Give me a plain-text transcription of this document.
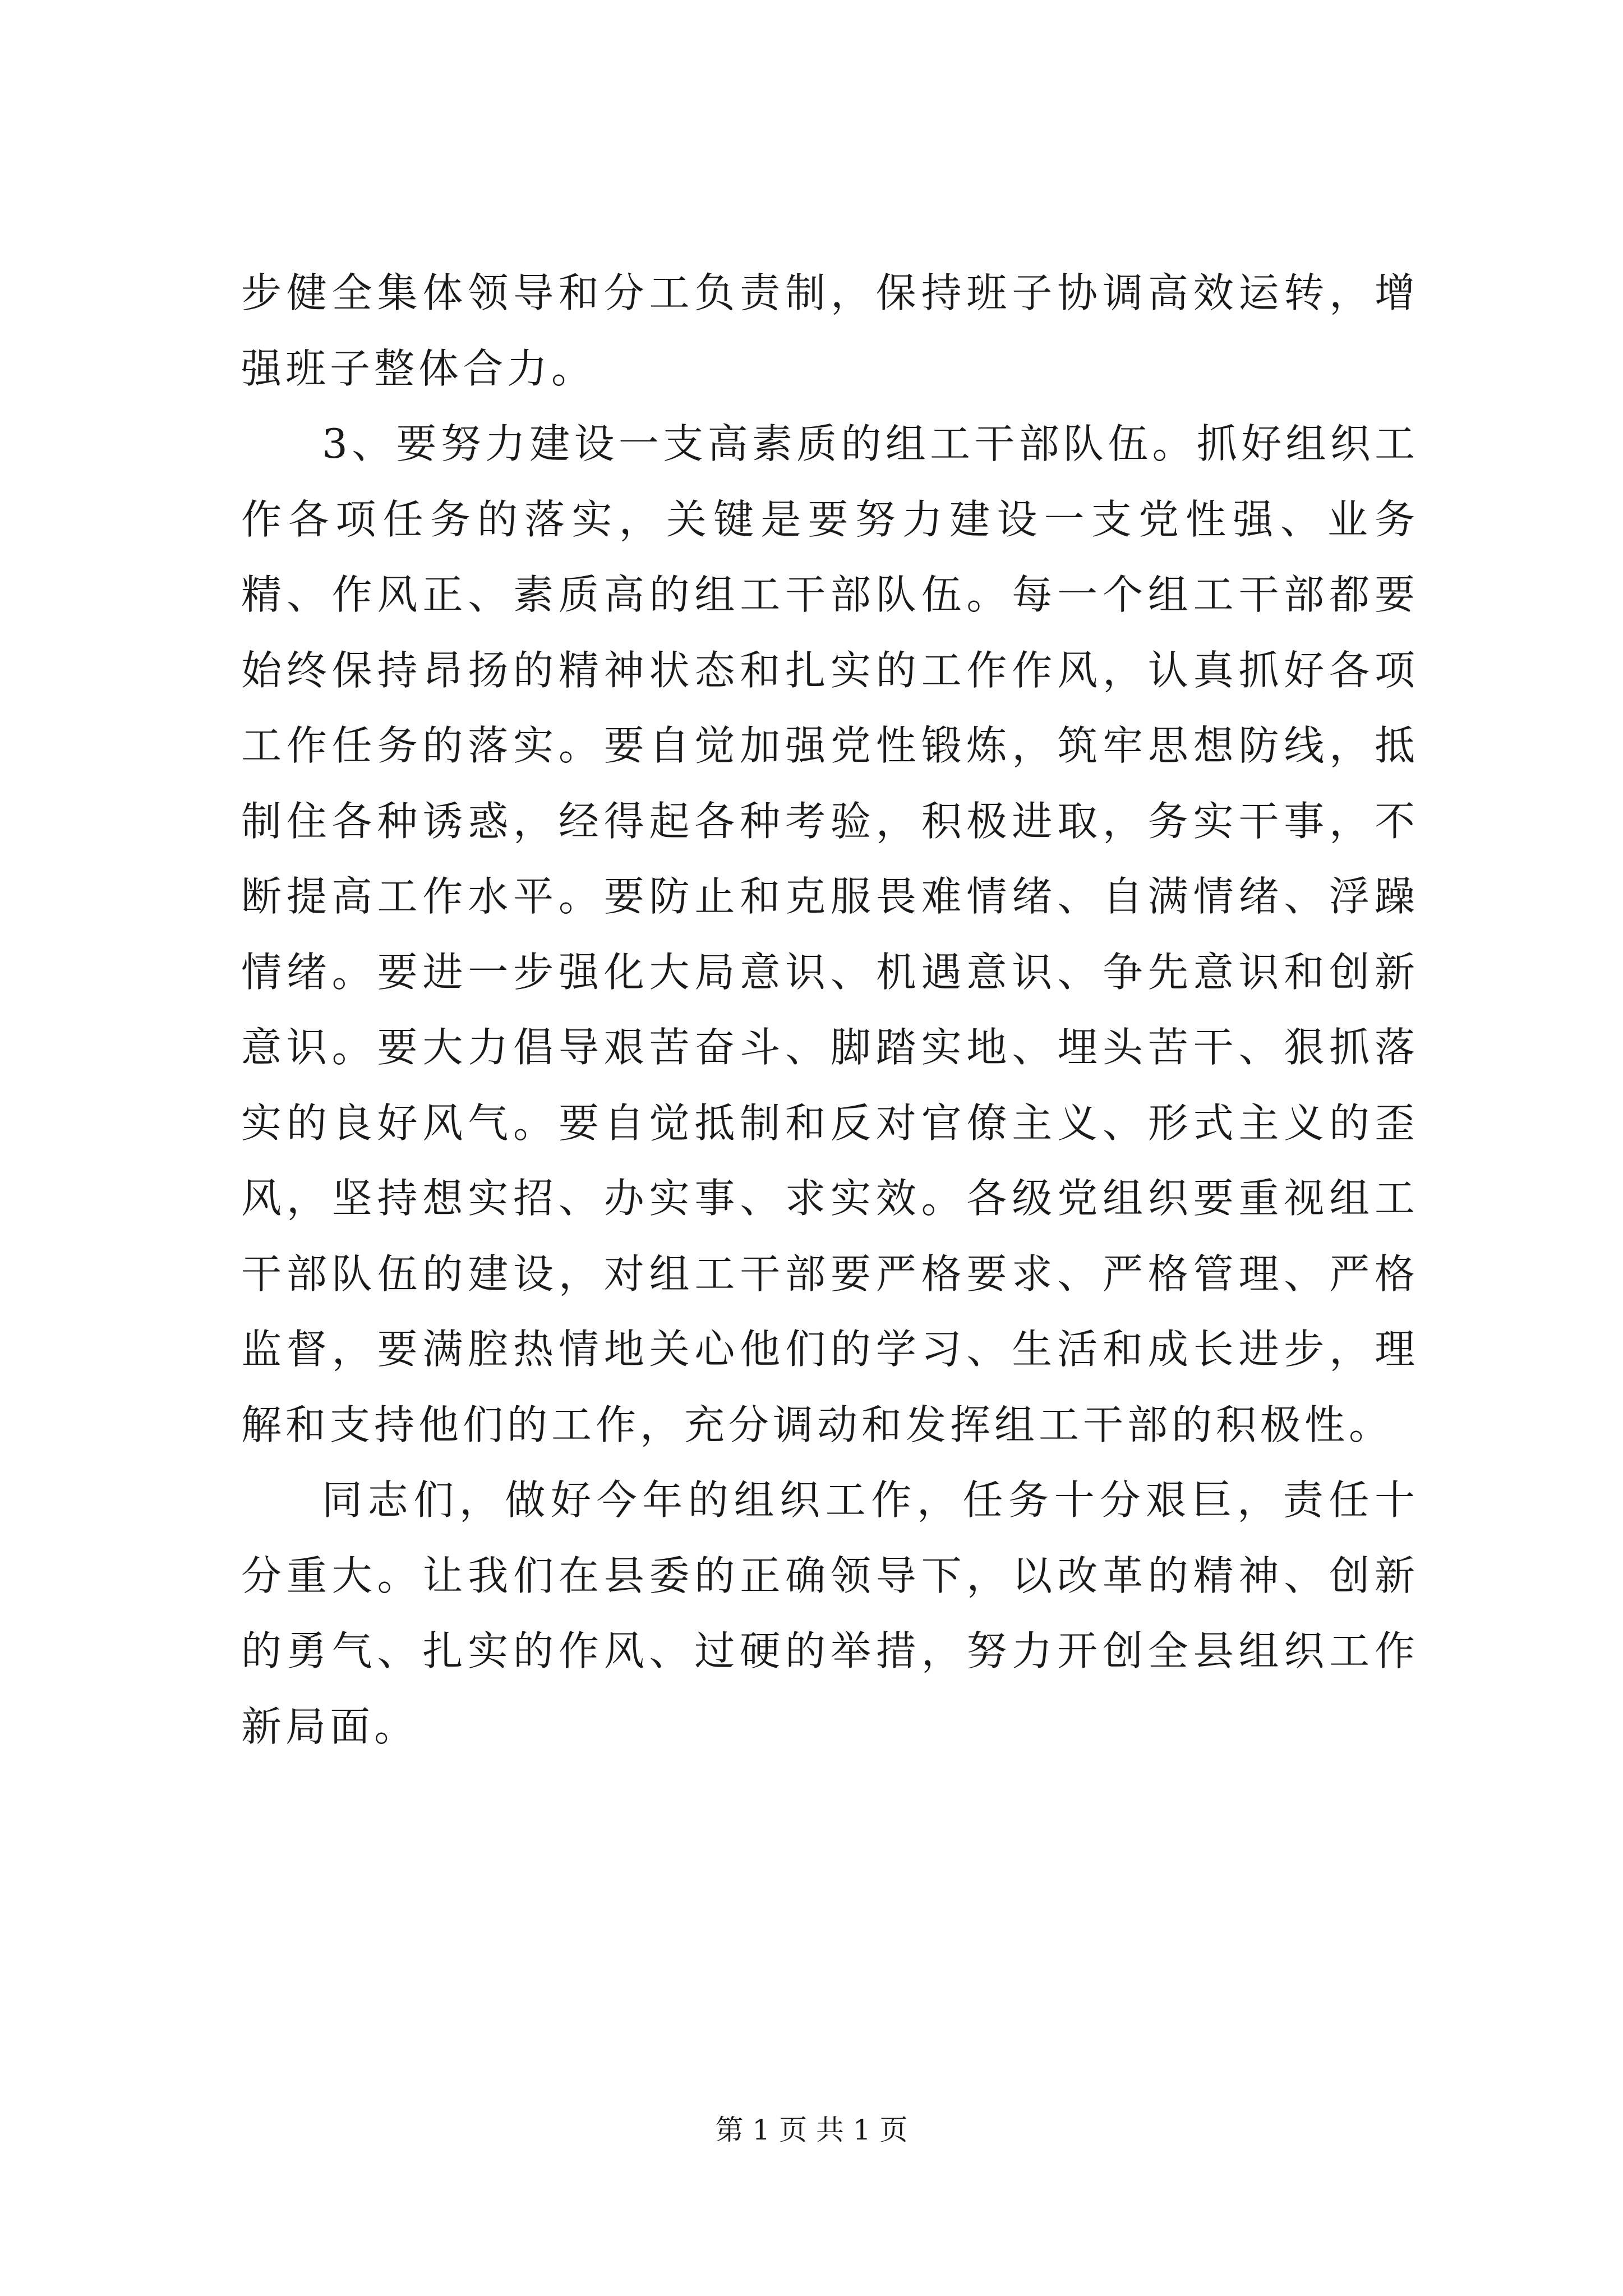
步健全集体领导和分工负责制，保持班子协调高效运转，增强班子整体合力。

3、要努力建设一支高素质的组工干部队伍。抓好组织工作各项任务的落实，关键是要努力建设一支党性强、业务精、作风正、素质高的组工干部队伍。每一个组工干部都要始终保持昂扬的精神状态和扎实的工作作风，认真抓好各项工作任务的落实。要自觉加强党性锻炼，筑牢思想防线，抵制住各种诱惑，经得起各种考验，积极进取，务实干事，不断提高工作水平。要防止和克服畏难情绪、自满情绪、浮躁情绪。要进一步强化大局意识、机遇意识、争先意识和创新意识。要大力倡导艰苦奋斗、脚踏实地、埋头苦干、狠抓落实的良好风气。要自觉抵制和反对官僚主义、形式主义的歪风，坚持想实招、办实事、求实效。各级党组织要重视组工干部队伍的建设，对组工干部要严格要求、严格管理、严格监督，要满腔热情地关心他们的学习、生活和成长进步，理解和支持他们的工作，充分调动和发挥组工干部的积极性。

同志们，做好今年的组织工作，任务十分艰巨，责任十分重大。让我们在县委的正确领导下，以改革的精神、创新的勇气、扎实的作风、过硬的举措，努力开创全县组织工作新局面。

第 1 页 共 1 页
